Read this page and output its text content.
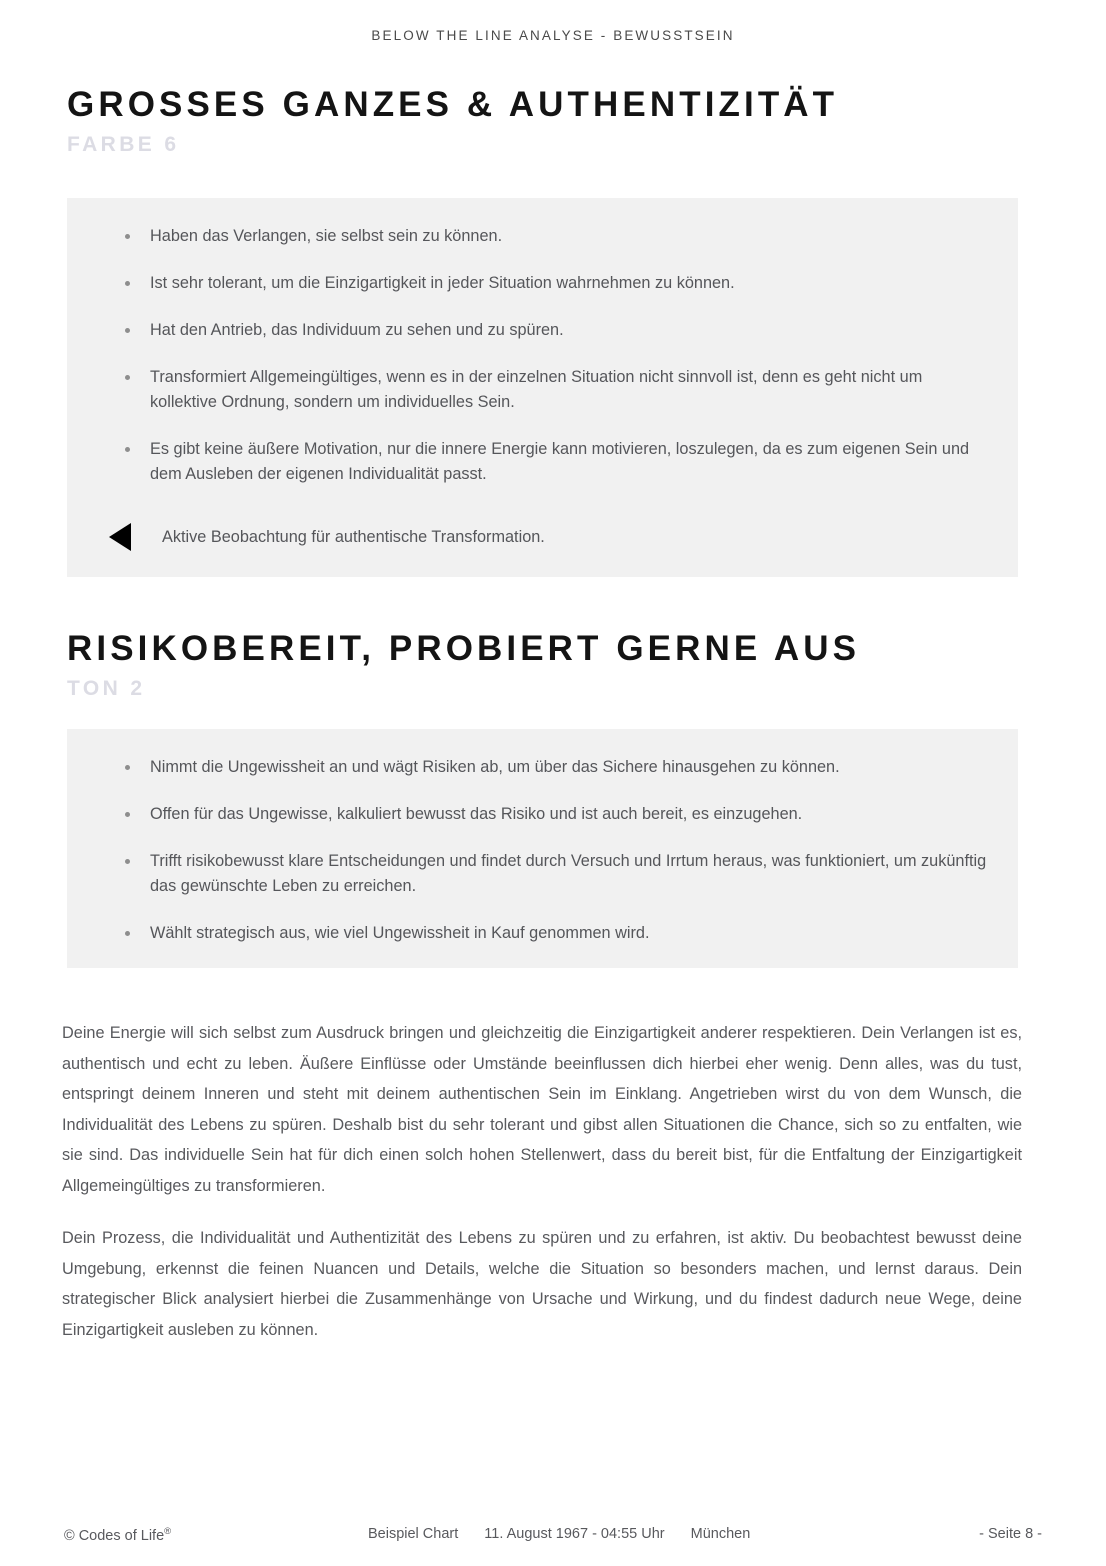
BELOW THE LINE ANALYSE - BEWUSSTSEIN
GROSSES GANZES & AUTHENTIZITÄT
FARBE 6
Haben das Verlangen, sie selbst sein zu können.
Ist sehr tolerant, um die Einzigartigkeit in jeder Situation wahrnehmen zu können.
Hat den Antrieb, das Individuum zu sehen und zu spüren.
Transformiert Allgemeingültiges, wenn es in der einzelnen Situation nicht sinnvoll ist, denn es geht nicht um kollektive Ordnung, sondern um individuelles Sein.
Es gibt keine äußere Motivation, nur die innere Energie kann motivieren, loszulegen, da es zum eigenen Sein und dem Ausleben der eigenen Individualität passt.
Aktive Beobachtung für authentische Transformation.
RISIKOBEREIT, PROBIERT GERNE AUS
TON 2
Nimmt die Ungewissheit an und wägt Risiken ab, um über das Sichere hinausgehen zu können.
Offen für das Ungewisse, kalkuliert bewusst das Risiko und ist auch bereit, es einzugehen.
Trifft risikobewusst klare Entscheidungen und findet durch Versuch und Irrtum heraus, was funktioniert, um zukünftig das gewünschte Leben zu erreichen.
Wählt strategisch aus, wie viel Ungewissheit in Kauf genommen wird.

Deine Energie will sich selbst zum Ausdruck bringen und gleichzeitig die Einzigartigkeit anderer respektieren. Dein Verlangen ist es, authentisch und echt zu leben. Äußere Einflüsse oder Umstände beeinflussen dich hierbei eher wenig. Denn alles, was du tust, entspringt deinem Inneren und steht mit deinem authentischen Sein im Einklang. Angetrieben wirst du von dem Wunsch, die Individualität des Lebens zu spüren. Deshalb bist du sehr tolerant und gibst allen Situationen die Chance, sich so zu entfalten, wie sie sind. Das individuelle Sein hat für dich einen solch hohen Stellenwert, dass du bereit bist, für die Entfaltung der Einzigartigkeit Allgemeingültiges zu transformieren.

Dein Prozess, die Individualität und Authentizität des Lebens zu spüren und zu erfahren, ist aktiv. Du beobachtest bewusst deine Umgebung, erkennst die feinen Nuancen und Details, welche die Situation so besonders machen, und lernst daraus. Dein strategischer Blick analysiert hierbei die Zusammenhänge von Ursache und Wirkung, und du findest dadurch neue Wege, deine Einzigartigkeit ausleben zu können.

© Codes of Life®	Beispiel Chart 11. August 1967 - 04:55 Uhr München	- Seite 8 -
